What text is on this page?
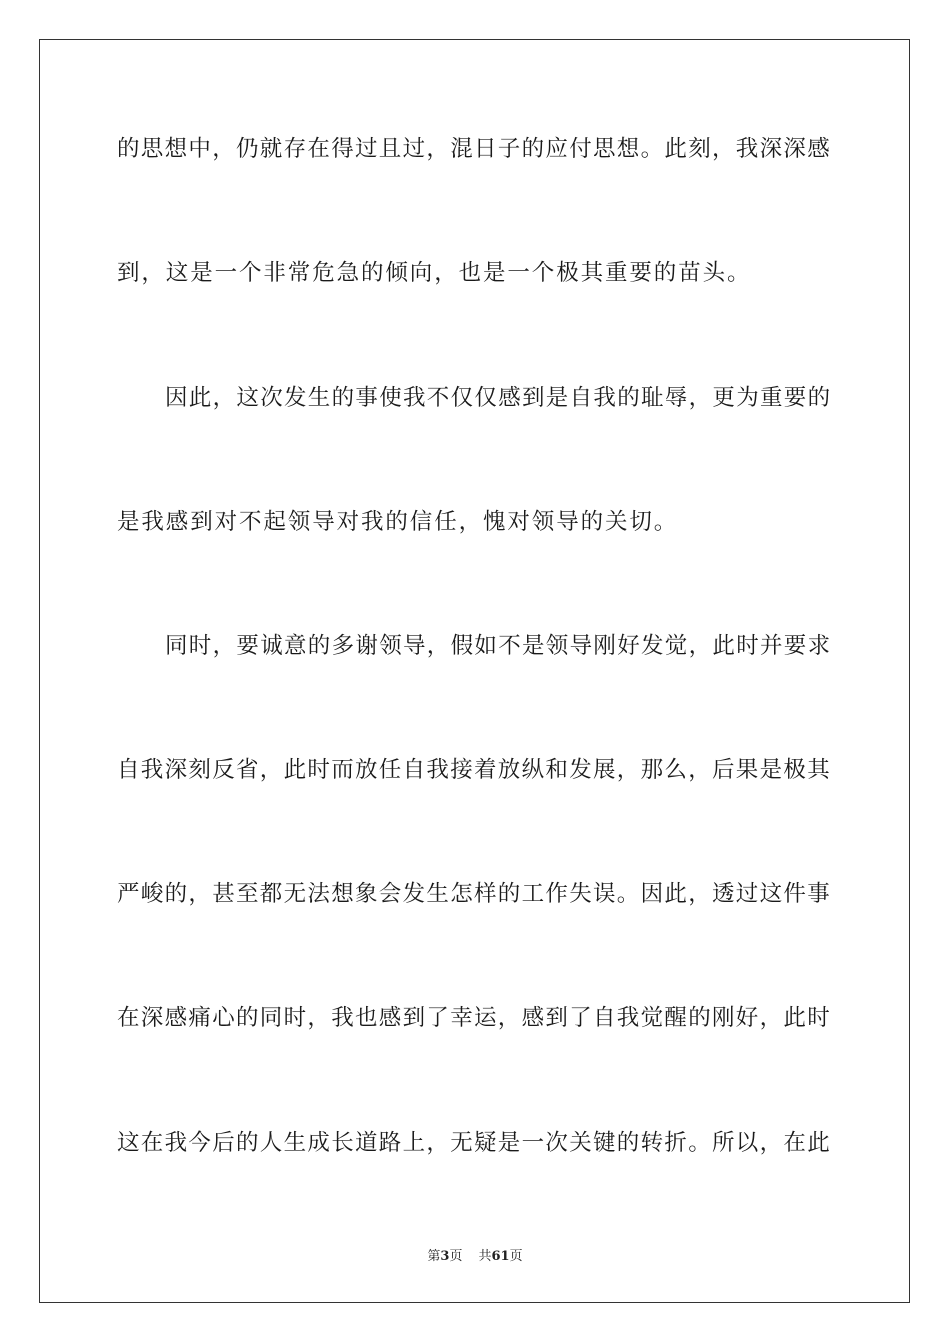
的思想中，仍就存在得过且过，混日子的应付思想。此刻，我深深感
到，这是一个非常危急的倾向，也是一个极其重要的苗头。
因此，这次发生的事使我不仅仅感到是自我的耻辱，更为重要的
是我感到对不起领导对我的信任，愧对领导的关切。
同时，要诚意的多谢领导，假如不是领导刚好发觉，此时并要求
自我深刻反省，此时而放任自我接着放纵和发展，那么，后果是极其
严峻的，甚至都无法想象会发生怎样的工作失误。因此，透过这件事
在深感痛心的同时，我也感到了幸运，感到了自我觉醒的刚好，此时
这在我今后的人生成长道路上，无疑是一次关键的转折。所以，在此
第3页 共61页
